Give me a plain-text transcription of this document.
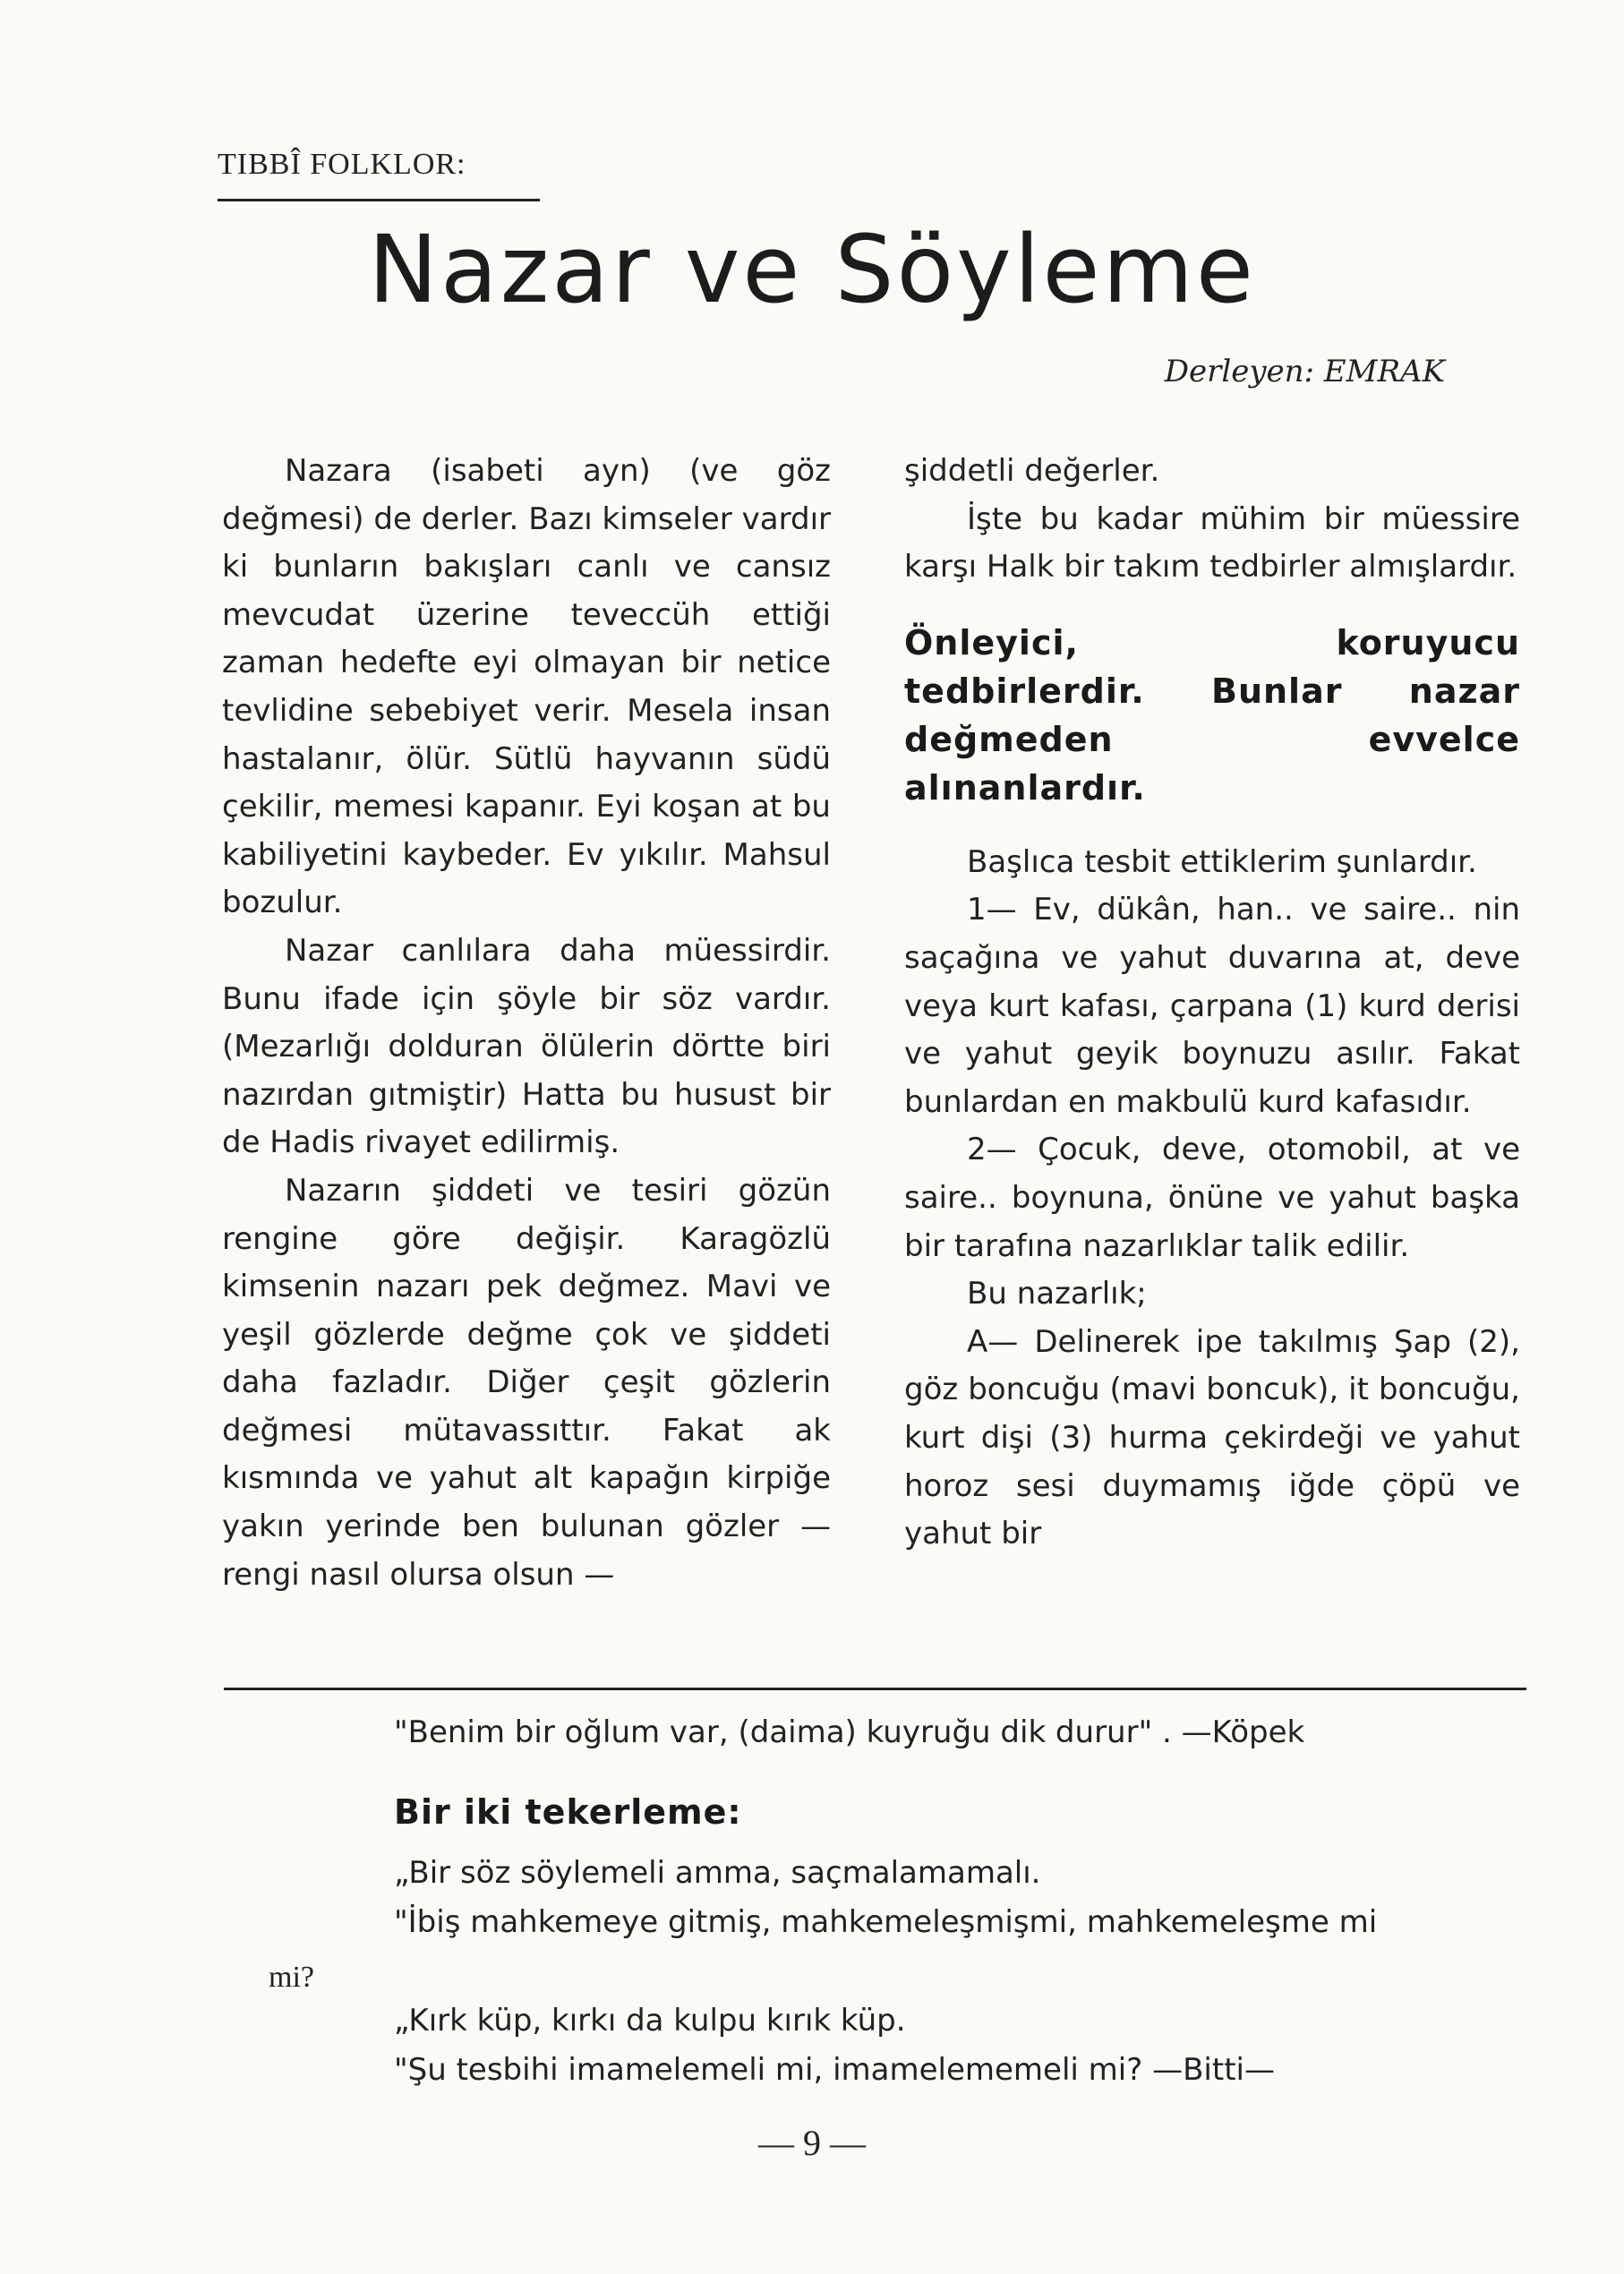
TIBBÎ FOLKLOR:
Nazar ve Söyleme
Derleyen: EMRAK

Nazara (isabeti ayn) (ve göz değmesi) de derler. Bazı kimseler vardır ki bunların bakışları canlı ve cansız mevcudat üzerine teveccüh ettiği zaman hedefte eyi olmayan bir netice tevlidine sebebiyet verir. Mesela insan hastalanır, ölür. Sütlü hayvanın südü çekilir, memesi kapanır. Eyi koşan at bu kabiliyetini kaybeder. Ev yıkılır. Mahsul bozulur.

Nazar canlılara daha müessirdir. Bunu ifade için şöyle bir söz vardır. (Mezarlığı dolduran ölülerin dörtte biri nazırdan gıtmiştir) Hatta bu husust bir de Hadis rivayet edilirmiş.

Nazarın şiddeti ve tesiri gözün rengine göre değişir. Karagözlü kimsenin nazarı pek değmez. Mavi ve yeşil gözlerde değme çok ve şiddeti daha fazladır. Diğer çeşit gözlerin değmesi mütavassıttır. Fakat ak kısmında ve yahut alt kapağın kirpiğe yakın yerinde ben bulunan gözler — rengi nasıl olursa olsun —

şiddetli değerler.

İşte bu kadar mühim bir müessire karşı Halk bir takım tedbirler almışlardır.

Önleyici, koruyucu tedbirlerdir. Bunlar nazar değmeden evvelce alınanlardır.

Başlıca tesbit ettiklerim şunlardır.

1— Ev, dükân, han.. ve saire.. nin saçağına ve yahut duvarına at, deve veya kurt kafası, çarpana (1) kurd derisi ve yahut geyik boynuzu asılır. Fakat bunlardan en makbulü kurd kafasıdır.

2— Çocuk, deve, otomobil, at ve saire.. boynuna, önüne ve yahut başka bir tarafına nazarlıklar talik edilir.

Bu nazarlık;

A— Delinerek ipe takılmış Şap (2), göz boncuğu (mavi boncuk), it boncuğu, kurt dişi (3) hurma çekirdeği ve yahut horoz sesi duymamış iğde çöpü ve yahut bir

"Benim bir oğlum var, (daima) kuyruğu dik durur" . —Köpek
Bir iki tekerleme:
„Bir söz söylemeli amma, saçmalamamalı.
"İbiş mahkemeye gitmiş, mahkemeleşmişmi, mahkemeleşme mi
mi?
„Kırk küp, kırkı da kulpu kırık küp.
"Şu tesbihi imamelemeli mi, imamelememeli mi? —Bitti—
— 9 —
